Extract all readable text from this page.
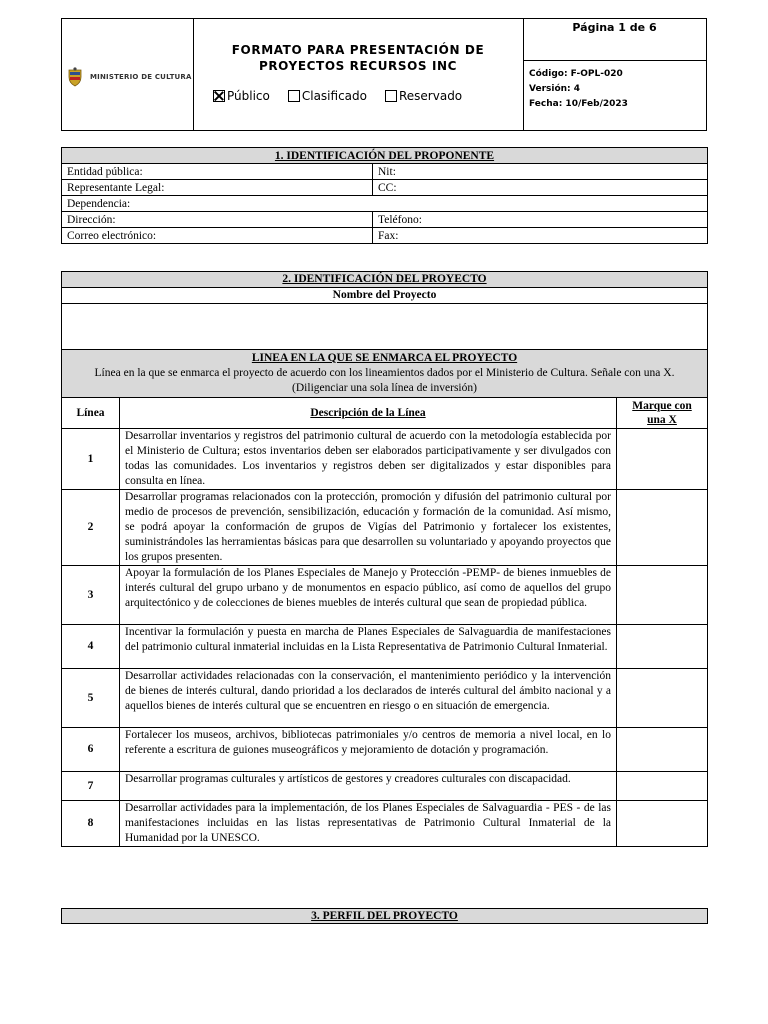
MINISTERIO DE CULTURA
FORMATO PARA PRESENTACIÓN DE
PROYECTOS RECURSOS INC
Público	Clasificado	Reservado
Página 1 de 6
Código: F-OPL-020
Versión: 4
Fecha: 10/Feb/2023
1. IDENTIFICACIÓN DEL PROPONENTE	
Entidad pública:	Nit:
Representante Legal:	CC:
Dependencia:	
Dirección:	Teléfono:
Correo electrónico:	Fax:
2. IDENTIFICACIÓN DEL PROYECTO		
Nombre del Proyecto		

LINEA EN LA QUE SE ENMARCA EL PROYECTO
Línea en la que se enmarca el proyecto de acuerdo con los lineamientos dados por el Ministerio de Cultura. Señale con una X.
(Diligenciar una sola línea de inversión)		

Línea	Descripción de la Línea	Marque con
una X

1	Desarrollar inventarios y registros del patrimonio cultural de acuerdo con la metodología establecida por el Ministerio de Cultura; estos inventarios deben ser elaborados participativamente y ser divulgados con todas las comunidades. Los inventarios y registros deben ser digitalizados y estar disponibles para consulta en línea.	
2	Desarrollar programas relacionados con la protección, promoción y difusión del patrimonio cultural por medio de procesos de prevención, sensibilización, educación y formación de la comunidad. Así mismo, se podrá apoyar la conformación de grupos de Vigías del Patrimonio y fortalecer los existentes, suministrándoles las herramientas básicas para que desarrollen su voluntariado y apoyando proyectos que los grupos presenten.	
3	Apoyar la formulación de los Planes Especiales de Manejo y Protección -PEMP- de bienes inmuebles de interés cultural del grupo urbano y de monumentos en espacio público, así como de aquellos del grupo arquitectónico y de colecciones de bienes muebles de interés cultural que sean de propiedad pública.	
4	Incentivar la formulación y puesta en marcha de Planes Especiales de Salvaguardia de manifestaciones del patrimonio cultural inmaterial incluidas en la Lista Representativa de Patrimonio Cultural Inmaterial.	
5	Desarrollar actividades relacionadas con la conservación, el mantenimiento periódico y la intervención de bienes de interés cultural, dando prioridad a los declarados de interés cultural del ámbito nacional y a aquellos bienes de interés cultural que se encuentren en riesgo o en situación de emergencia.	
6	Fortalecer los museos, archivos, bibliotecas patrimoniales y/o centros de memoria a nivel local, en lo referente a escritura de guiones museográficos y mejoramiento de dotación y programación.	
7	Desarrollar programas culturales y artísticos de gestores y creadores culturales con discapacidad.	
8	Desarrollar actividades para la implementación, de los Planes Especiales de Salvaguardia - PES - de las manifestaciones incluidas en las listas representativas de Patrimonio Cultural Inmaterial de la Humanidad por la UNESCO.	
3. PERFIL DEL PROYECTO
